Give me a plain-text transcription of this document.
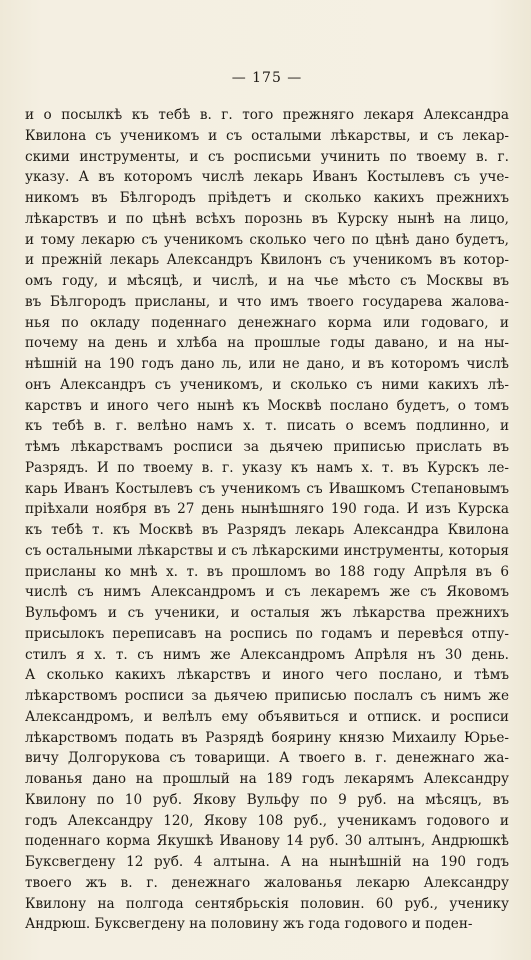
— 175 —
и о посылкѣ къ тебѣ в. г. того прежняго лекаря Александра
Квилона съ ученикомъ и съ осталыми лѣкарствы, и съ лекар-
скими инструменты, и съ росписьми учинить по твоему в. г.
указу. А въ которомъ числѣ лекарь Иванъ Костылевъ съ уче-
никомъ въ Бѣлгородъ пріѣдетъ и сколько какихъ прежнихъ
лѣкарствъ и по цѣнѣ всѣхъ порознь въ Курску нынѣ на лицо,
и тому лекарю съ ученикомъ сколько чего по цѣнѣ дано будетъ,
и прежній лекарь Александръ Квилонъ съ ученикомъ въ котор-
омъ году, и мѣсяцѣ, и числѣ, и на чье мѣсто съ Москвы въ
въ Бѣлгородъ присланы, и что имъ твоего государева жалова-
нья по окладу поденнаго денежнаго корма или годоваго, и
почему на день и хлѣба на прошлые годы давано, и на ны-
нѣшній на 190 годъ дано ль, или не дано, и въ которомъ числѣ
онъ Александръ съ ученикомъ, и сколько съ ними какихъ лѣ-
карствъ и иного чего нынѣ къ Москвѣ послано будетъ, о томъ
къ тебѣ в. г. велѣно намъ х. т. писать о всемъ подлинно, и
тѣмъ лѣкарствамъ росписи за дьячею приписью прислать въ
Разрядъ. И по твоему в. г. указу къ намъ х. т. въ Курскъ ле-
карь Иванъ Костылевъ съ ученикомъ съ Ивашкомъ Степановымъ
пріѣхали ноября въ 27 день нынѣшняго 190 года. И изъ Курска
къ тебѣ т. къ Москвѣ въ Разрядъ лекарь Александра Квилона
съ остальными лѣкарствы и съ лѣкарскими инструменты, которыя
присланы ко мнѣ х. т. въ прошломъ во 188 году Апрѣля въ 6
числѣ съ нимъ Александромъ и съ лекаремъ же съ Яковомъ
Вульфомъ и съ ученики, и осталыя жъ лѣкарства прежнихъ
присылокъ переписавъ на роспись по годамъ и перевѣся отпу-
стилъ я х. т. съ нимъ же Александромъ Апрѣля нъ 30 день.
А сколько какихъ лѣкарствъ и иного чего послано, и тѣмъ
лѣкарствомъ росписи за дьячею приписью послалъ съ нимъ же
Александромъ, и велѣлъ ему объявиться и отписк. и росписи
лѣкарствомъ подать въ Разрядѣ бояpину князю Михаилу Юрье-
вичу Долгорукова съ товарищи. А твоего в. г. денежнаго жа-
лованья дано на прошлый на 189 годъ лекарямъ Александру
Квилону по 10 руб. Якову Вульфу по 9 руб. на мѣсяцъ, въ
годъ Александру 120, Якову 108 руб., ученикамъ годового и
поденнаго корма Якушкѣ Иванову 14 руб. 30 алтынъ, Андрюшкѣ
Буксвегдену 12 руб. 4 алтына. А на нынѣшній на 190 годъ
твоего жъ в. г. денежнаго жалованья лекарю Александру
Квилону на полгода сентябрьскія половин. 60 руб., ученику
Андрюш. Буксвегдену на половину жъ года годового и поден-
